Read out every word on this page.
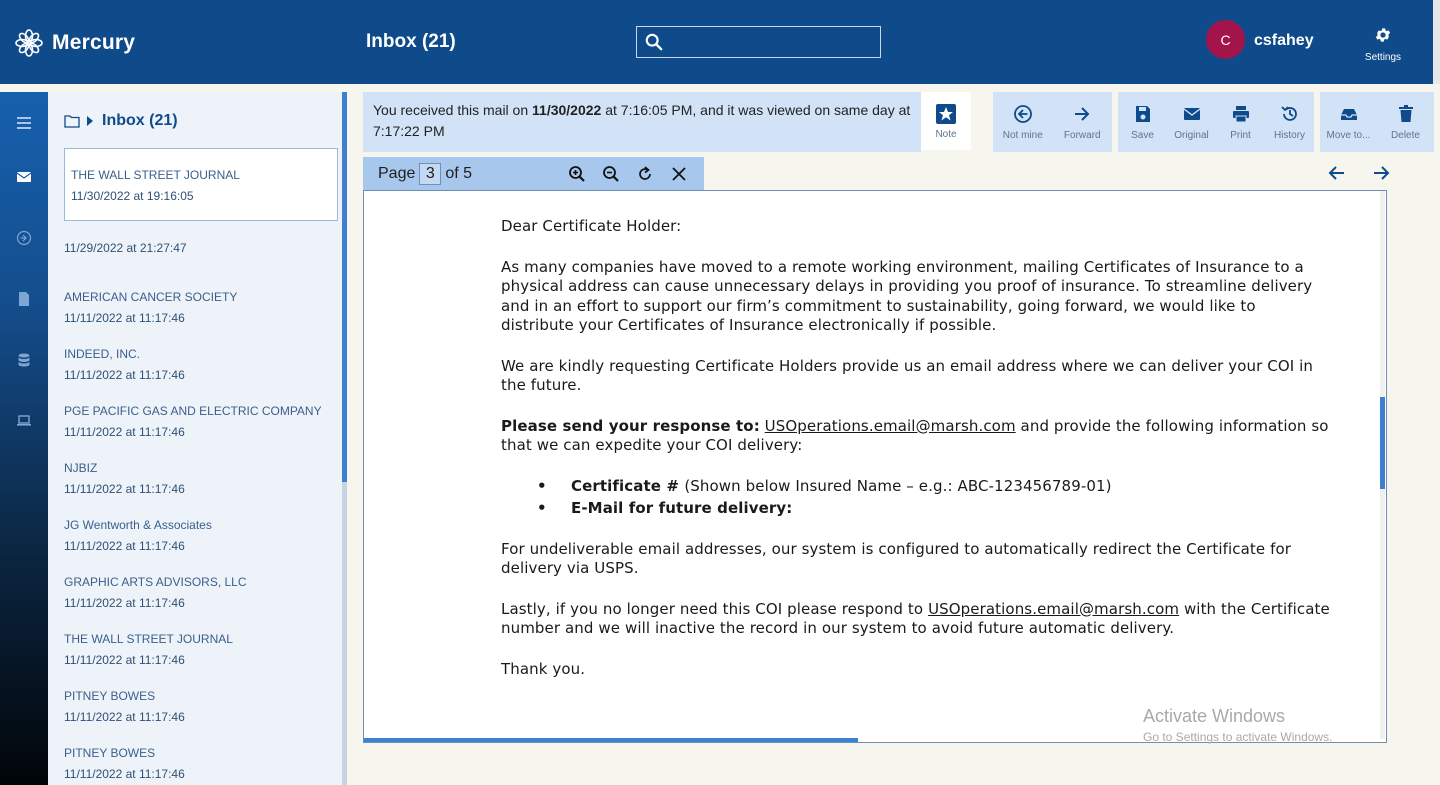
Mercury	Inbox (21)	C	csfahey
Settings
Inbox (21)
THE WALL STREET JOURNAL
11/30/2022 at 19:16:05
11/29/2022 at 21:27:47
AMERICAN CANCER SOCIETY
11/11/2022 at 11:17:46
INDEED, INC.
11/11/2022 at 11:17:46
PGE PACIFIC GAS AND ELECTRIC COMPANY
11/11/2022 at 11:17:46
NJBIZ
11/11/2022 at 11:17:46
JG Wentworth & Associates
11/11/2022 at 11:17:46
GRAPHIC ARTS ADVISORS, LLC
11/11/2022 at 11:17:46
THE WALL STREET JOURNAL
11/11/2022 at 11:17:46
PITNEY BOWES
11/11/2022 at 11:17:46
PITNEY BOWES
11/11/2022 at 11:17:46
You received this mail on 11/30/2022 at 7:16:05 PM, and it was viewed on same day at 7:17:22 PM	Note	Not mine Forward	Save Original Print History Move to... Delete
Page 3 of 5

Dear Certificate Holder:

As many companies have moved to a remote working environment, mailing Certificates of Insurance to a physical address can cause unnecessary delays in providing you proof of insurance. To streamline delivery and in an effort to support our firm’s commitment to sustainability, going forward, we would like to distribute your Certificates of Insurance electronically if possible.

We are kindly requesting Certificate Holders provide us an email address where we can deliver your COI in the future.

Please send your response to: USOperations.email@marsh.com and provide the following information so that we can expedite your COI delivery:

• Certificate # (Shown below Insured Name – e.g.: ABC-123456789-01)
• E-Mail for future delivery:

For undeliverable email addresses, our system is configured to automatically redirect the Certificate for delivery via USPS.

Lastly, if you no longer need this COI please respond to USOperations.email@marsh.com with the Certificate number and we will inactive the record in our system to avoid future automatic delivery.

Thank you.

Activate Windows
Go to Settings to activate Windows.
